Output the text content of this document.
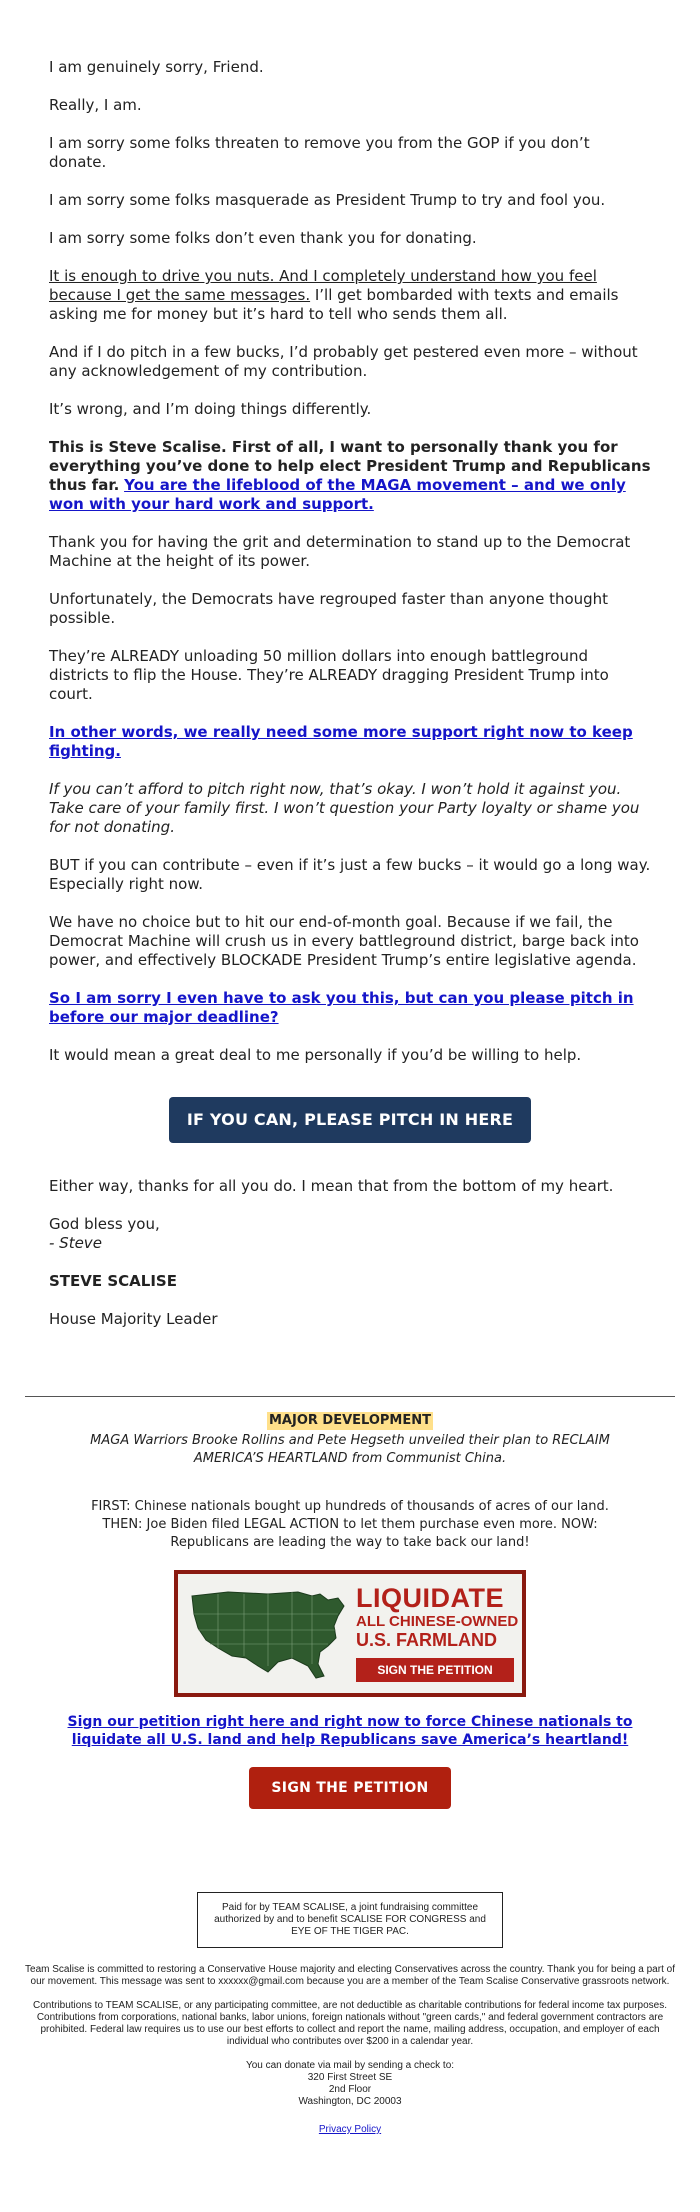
I am genuinely sorry, Friend.

Really, I am.

I am sorry some folks threaten to remove you from the GOP if you don’t donate.

I am sorry some folks masquerade as President Trump to try and fool you.

I am sorry some folks don’t even thank you for donating.

It is enough to drive you nuts. And I completely understand how you feel because I get the same messages. I’ll get bombarded with texts and emails asking me for money but it’s hard to tell who sends them all.

And if I do pitch in a few bucks, I’d probably get pestered even more – without any acknowledgement of my contribution.

It’s wrong, and I’m doing things differently.

This is Steve Scalise. First of all, I want to personally thank you for everything you’ve done to help elect President Trump and Republicans thus far. You are the lifeblood of the MAGA movement – and we only won with your hard work and support.

Thank you for having the grit and determination to stand up to the Democrat Machine at the height of its power.

Unfortunately, the Democrats have regrouped faster than anyone thought possible.

They’re ALREADY unloading 50 million dollars into enough battleground districts to flip the House. They’re ALREADY dragging President Trump into court.

In other words, we really need some more support right now to keep fighting.

If you can’t afford to pitch right now, that’s okay. I won’t hold it against you. Take care of your family first. I won’t question your Party loyalty or shame you for not donating.

BUT if you can contribute – even if it’s just a few bucks – it would go a long way. Especially right now.

We have no choice but to hit our end-of-month goal. Because if we fail, the Democrat Machine will crush us in every battleground district, barge back into power, and effectively BLOCKADE President Trump’s entire legislative agenda.

So I am sorry I even have to ask you this, but can you please pitch in before our major deadline?

It would mean a great deal to me personally if you’d be willing to help.

IF YOU CAN, PLEASE PITCH IN HERE

Either way, thanks for all you do. I mean that from the bottom of my heart.

God bless you,
- Steve

STEVE SCALISE

House Majority Leader

MAJOR DEVELOPMENT
MAGA Warriors Brooke Rollins and Pete Hegseth unveiled their plan to RECLAIM AMERICA’S HEARTLAND from Communist China.
FIRST: Chinese nationals bought up hundreds of thousands of acres of our land. THEN: Joe Biden filed LEGAL ACTION to let them purchase even more. NOW: Republicans are leading the way to take back our land!
LIQUIDATE
ALL CHINESE-OWNED
U.S. FARMLAND
SIGN THE PETITION
Sign our petition right here and right now to force Chinese nationals to liquidate all U.S. land and help Republicans save America’s heartland!
SIGN THE PETITION
Paid for by TEAM SCALISE, a joint fundraising committee authorized by and to benefit SCALISE FOR CONGRESS and EYE OF THE TIGER PAC.

Team Scalise is committed to restoring a Conservative House majority and electing Conservatives across the country. Thank you for being a part of our movement. This message was sent to xxxxxx@gmail.com because you are a member of the Team Scalise Conservative grassroots network.

Contributions to TEAM SCALISE, or any participating committee, are not deductible as charitable contributions for federal income tax purposes. Contributions from corporations, national banks, labor unions, foreign nationals without "green cards," and federal government contractors are prohibited. Federal law requires us to use our best efforts to collect and report the name, mailing address, occupation, and employer of each individual who contributes over $200 in a calendar year.

You can donate via mail by sending a check to:

320 First Street SE

2nd Floor

Washington, DC 20003

Privacy Policy
